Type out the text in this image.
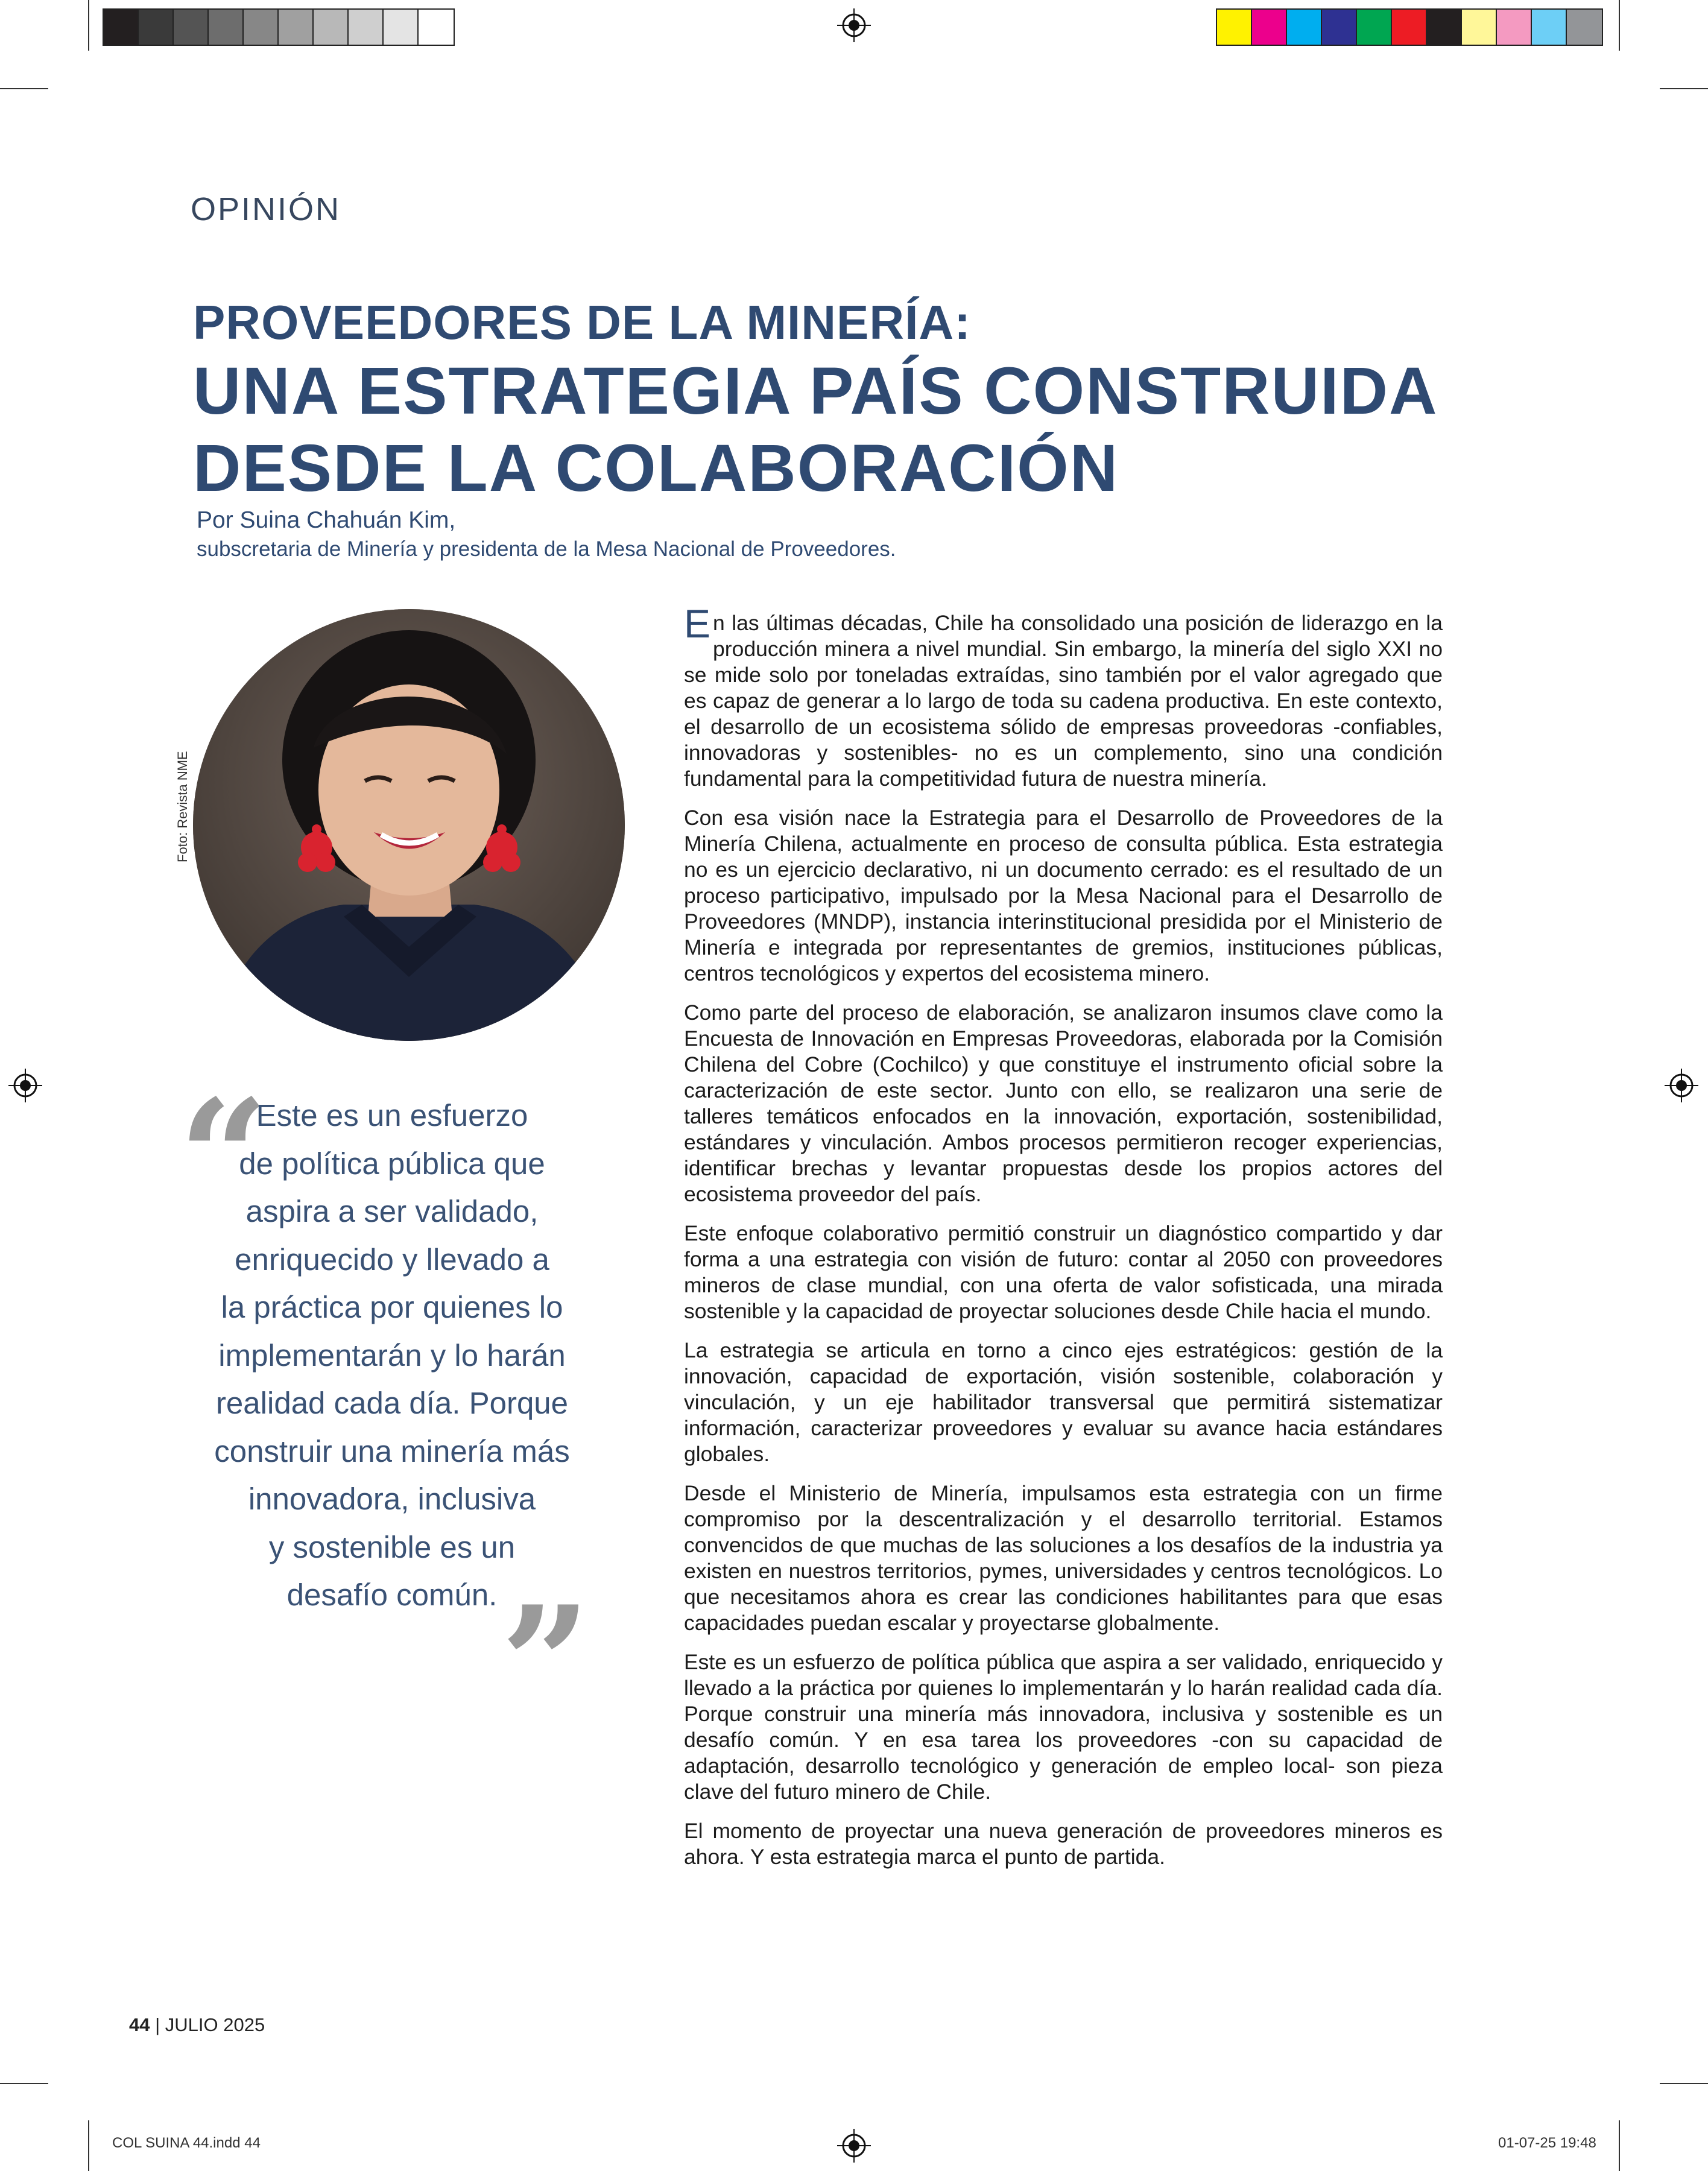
OPINIÓN
PROVEEDORES DE LA MINERÍA:
UNA ESTRATEGIA PAÍS CONSTRUIDA
DESDE LA COLABORACIÓN
Por Suina Chahuán Kim,
subscretaria de Minería y presidenta de la Mesa Nacional de Proveedores.
Foto: Revista NME
“
Este es un esfuerzo
de política pública que
aspira a ser validado,
enriquecido y llevado a
la práctica por quienes lo
implementarán y lo harán
realidad cada día. Porque
construir una minería más
innovadora, inclusiva
y sostenible es un
desafío común. ”

En las últimas décadas, Chile ha consolidado una posición de liderazgo en la producción minera a nivel mundial. Sin embargo, la minería del siglo XXI no se mide solo por toneladas extraídas, sino también por el valor agregado que es capaz de generar a lo largo de toda su cadena productiva. En este contexto, el desarrollo de un ecosistema sólido de empresas proveedoras -confiables, innovadoras y sostenibles- no es un complemento, sino una condición fundamental para la competitividad futura de nuestra minería.

Con esa visión nace la Estrategia para el Desarrollo de Proveedores de la Minería Chilena, actualmente en proceso de consulta pública. Esta estrategia no es un ejercicio declarativo, ni un documento cerrado: es el resultado de un proceso participativo, impulsado por la Mesa Nacional para el Desarrollo de Proveedores (MNDP), instancia interinstitucional presidida por el Ministerio de Minería e integrada por representantes de gremios, instituciones públicas, centros tecnológicos y expertos del ecosistema minero.

Como parte del proceso de elaboración, se analizaron insumos clave como la Encuesta de Innovación en Empresas Proveedoras, elaborada por la Comisión Chilena del Cobre (Cochilco) y que constituye el instrumento oficial sobre la caracterización de este sector. Junto con ello, se realizaron una serie de talleres temáticos enfocados en la innovación, exportación, sostenibilidad, estándares y vinculación. Ambos procesos permitieron recoger experiencias, identificar brechas y levantar propuestas desde los propios actores del ecosistema proveedor del país.

Este enfoque colaborativo permitió construir un diagnóstico compartido y dar forma a una estrategia con visión de futuro: contar al 2050 con proveedores mineros de clase mundial, con una oferta de valor sofisticada, una mirada sostenible y la capacidad de proyectar soluciones desde Chile hacia el mundo.

La estrategia se articula en torno a cinco ejes estratégicos: gestión de la innovación, capacidad de exportación, visión sostenible, colaboración y vinculación, y un eje habilitador transversal que permitirá sistematizar información, caracterizar proveedores y evaluar su avance hacia estándares globales.

Desde el Ministerio de Minería, impulsamos esta estrategia con un firme compromiso por la descentralización y el desarrollo territorial. Estamos convencidos de que muchas de las soluciones a los desafíos de la industria ya existen en nuestros territorios, pymes, universidades y centros tecnológicos. Lo que necesitamos ahora es crear las condiciones habilitantes para que esas capacidades puedan escalar y proyectarse globalmente.

Este es un esfuerzo de política pública que aspira a ser validado, enriquecido y llevado a la práctica por quienes lo implementarán y lo harán realidad cada día. Porque construir una minería más innovadora, inclusiva y sostenible es un desafío común. Y en esa tarea los proveedores -con su capacidad de adaptación, desarrollo tecnológico y generación de empleo local- son pieza clave del futuro minero de Chile.

El momento de proyectar una nueva generación de proveedores mineros es ahora. Y esta estrategia marca el punto de partida.

44 | JULIO 2025
COL SUINA 44.indd 44	01-07-25 19:48
